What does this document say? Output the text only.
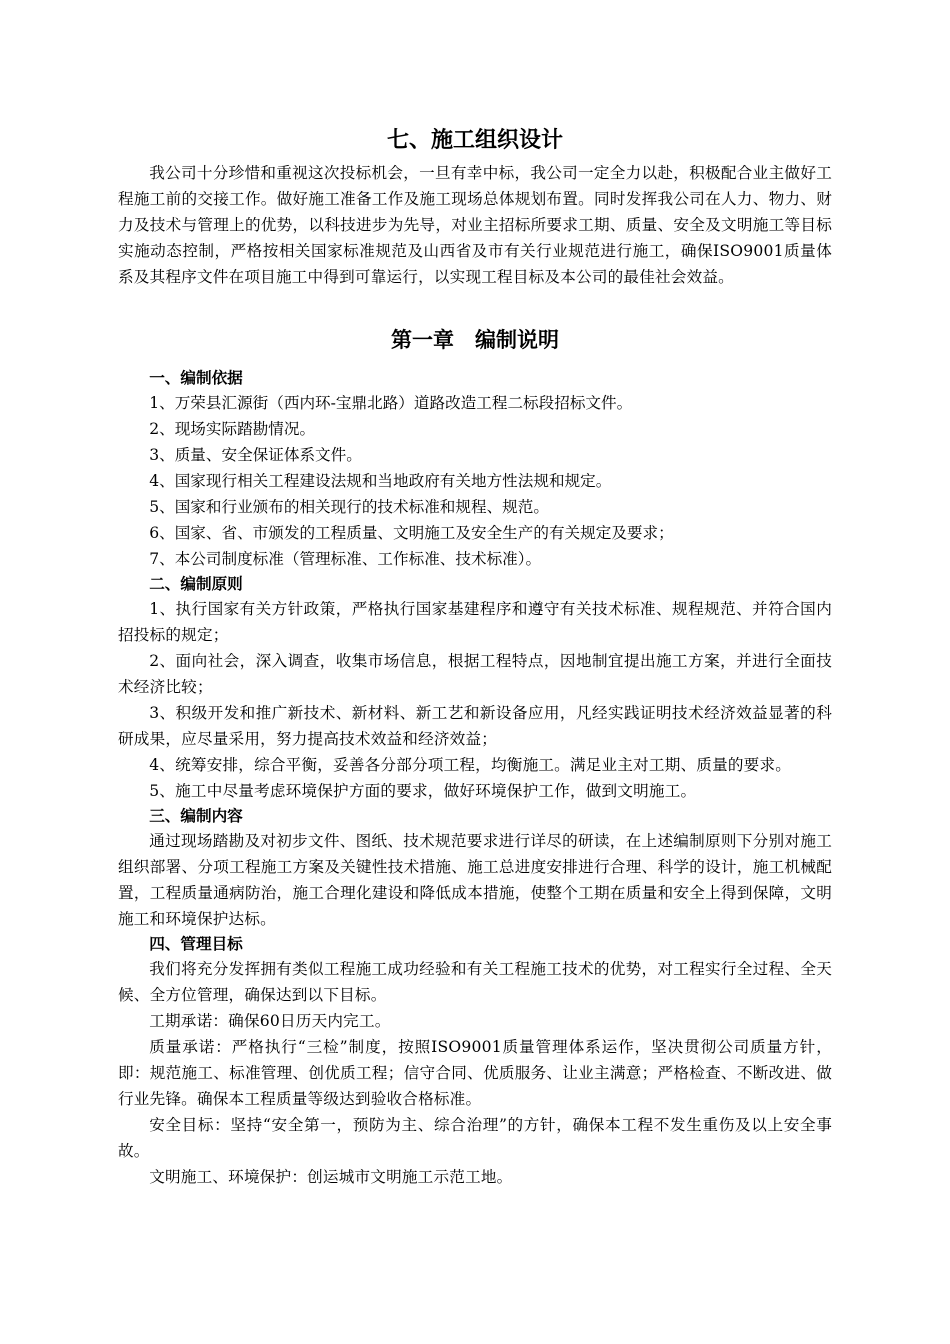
七、施工组织设计

我公司十分珍惜和重视这次投标机会，一旦有幸中标，我公司一定全力以赴，积极配合业主做好工程施工前的交接工作。做好施工准备工作及施工现场总体规划布置。同时发挥我公司在人力、物力、财力及技术与管理上的优势，以科技进步为先导，对业主招标所要求工期、质量、安全及文明施工等目标实施动态控制，严格按相关国家标准规范及山西省及市有关行业规范进行施工，确保ISO9001质量体系及其程序文件在项目施工中得到可靠运行，以实现工程目标及本公司的最佳社会效益。

第一章　编制说明
一、编制依据
1、万荣县汇源街（西内环-宝鼎北路）道路改造工程二标段招标文件。
2、现场实际踏勘情况。
3、质量、安全保证体系文件。
4、国家现行相关工程建设法规和当地政府有关地方性法规和规定。
5、国家和行业颁布的相关现行的技术标准和规程、规范。
6、国家、省、市颁发的工程质量、文明施工及安全生产的有关规定及要求；
7、本公司制度标准（管理标准、工作标准、技术标准）。
二、编制原则

1、执行国家有关方针政策，严格执行国家基建程序和遵守有关技术标准、规程规范、并符合国内招投标的规定；

2、面向社会，深入调查，收集市场信息，根据工程特点，因地制宜提出施工方案，并进行全面技术经济比较；

3、积级开发和推广新技术、新材料、新工艺和新设备应用，凡经实践证明技术经济效益显著的科研成果，应尽量采用，努力提高技术效益和经济效益；

4、统筹安排，综合平衡，妥善各分部分项工程，均衡施工。满足业主对工期、质量的要求。

5、施工中尽量考虑环境保护方面的要求，做好环境保护工作，做到文明施工。

三、编制内容

通过现场踏勘及对初步文件、图纸、技术规范要求进行详尽的研读，在上述编制原则下分别对施工组织部署、分项工程施工方案及关键性技术措施、施工总进度安排进行合理、科学的设计，施工机械配置，工程质量通病防治，施工合理化建设和降低成本措施，使整个工期在质量和安全上得到保障，文明施工和环境保护达标。

四、管理目标

我们将充分发挥拥有类似工程施工成功经验和有关工程施工技术的优势，对工程实行全过程、全天候、全方位管理，确保达到以下目标。

工期承诺：确保60日历天内完工。

质量承诺：严格执行“三检”制度，按照ISO9001质量管理体系运作，坚决贯彻公司质量方针，即：规范施工、标准管理、创优质工程；信守合同、优质服务、让业主满意；严格检查、不断改进、做行业先锋。确保本工程质量等级达到验收合格标准。

安全目标：坚持“安全第一，预防为主、综合治理”的方针，确保本工程不发生重伤及以上安全事故。

文明施工、环境保护：创运城市文明施工示范工地。
